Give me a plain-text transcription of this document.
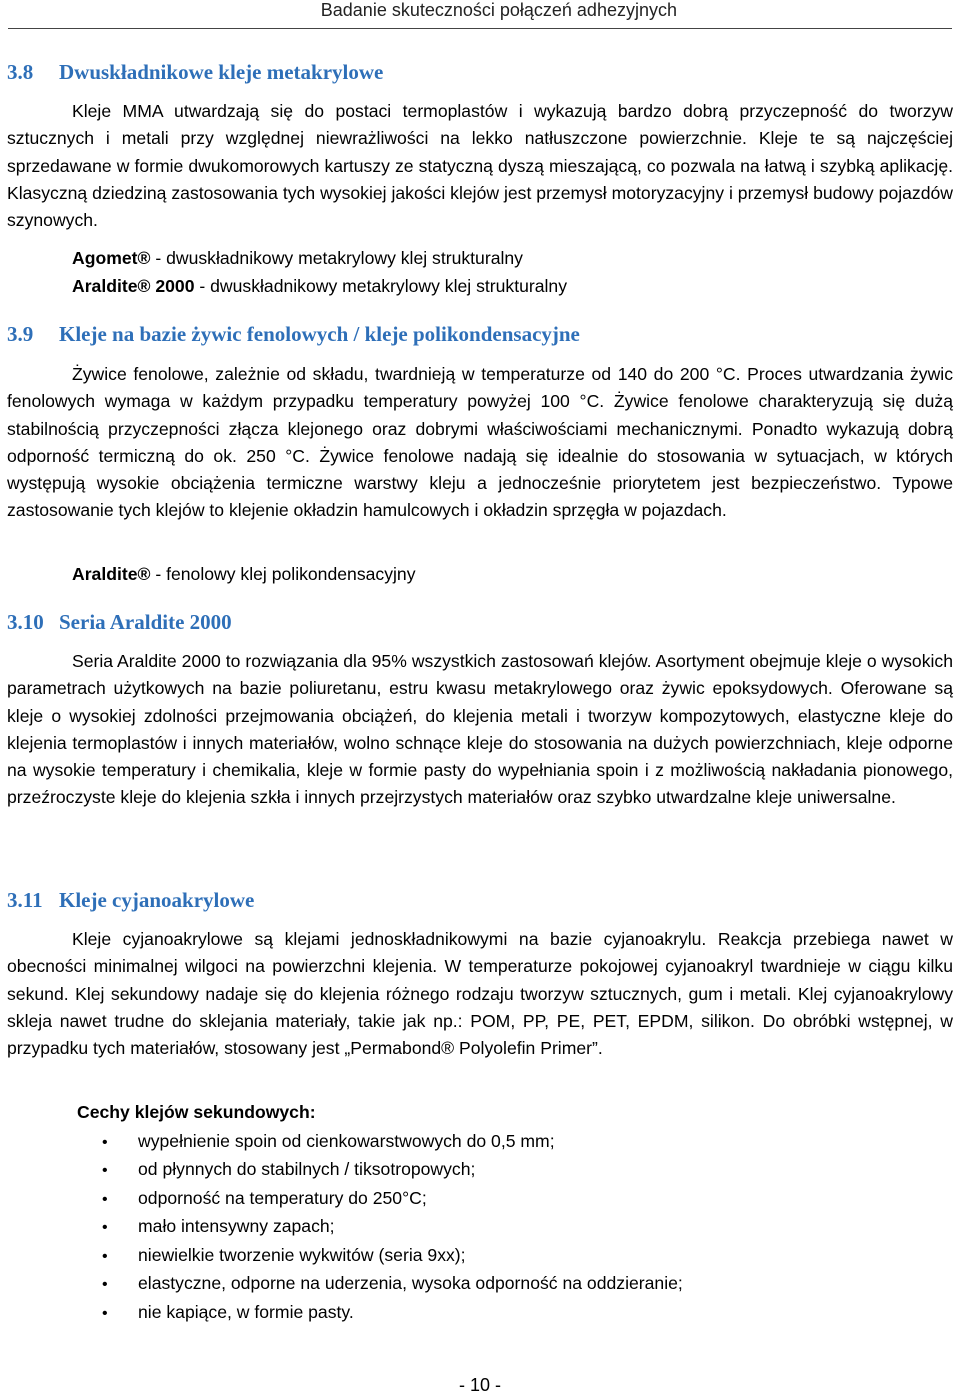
Badanie skuteczności połączeń adhezyjnych
3.8 Dwuskładnikowe kleje metakrylowe
Kleje MMA utwardzają się do postaci termoplastów i wykazują bardzo dobrą przyczepność do tworzyw sztucznych i metali przy względnej niewrażliwości na lekko natłuszczone powierzchnie. Kleje te są najczęściej sprzedawane w formie dwukomorowych kartuszy ze statyczną dyszą mieszającą, co pozwala na łatwą i szybką aplikację. Klasyczną dziedziną zastosowania tych wysokiej jakości klejów jest przemysł motoryzacyjny i przemysł budowy pojazdów szynowych.
Agomet® - dwuskładnikowy metakrylowy klej strukturalny
Araldite® 2000 - dwuskładnikowy metakrylowy klej strukturalny
3.9 Kleje na bazie żywic fenolowych / kleje polikondensacyjne
Żywice fenolowe, zależnie od składu, twardnieją w temperaturze od 140 do 200 °C. Proces utwardzania żywic fenolowych wymaga w każdym przypadku temperatury powyżej 100 °C. Żywice fenolowe charakteryzują się dużą stabilnością przyczepności złącza klejonego oraz dobrymi właściwościami mechanicznymi. Ponadto wykazują dobrą odporność termiczną do ok. 250 °C. Żywice fenolowe nadają się idealnie do stosowania w sytuacjach, w których występują wysokie obciążenia termiczne warstwy kleju a jednocześnie priorytetem jest bezpieczeństwo. Typowe zastosowanie tych klejów to klejenie okładzin hamulcowych i okładzin sprzęgła w pojazdach.
Araldite® - fenolowy klej polikondensacyjny
3.10 Seria Araldite 2000
Seria Araldite 2000 to rozwiązania dla 95% wszystkich zastosowań klejów. Asortyment obejmuje kleje o wysokich parametrach użytkowych na bazie poliuretanu, estru kwasu metakrylowego oraz żywic epoksydowych. Oferowane są kleje o wysokiej zdolności przejmowania obciążeń, do klejenia metali i tworzyw kompozytowych, elastyczne kleje do klejenia termoplastów i innych materiałów, wolno schnące kleje do stosowania na dużych powierzchniach, kleje odporne na wysokie temperatury i chemikalia, kleje w formie pasty do wypełniania spoin i z możliwością nakładania pionowego, przeźroczyste kleje do klejenia szkła i innych przejrzystych materiałów oraz szybko utwardzalne kleje uniwersalne.
3.11 Kleje cyjanoakrylowe
Kleje cyjanoakrylowe są klejami jednoskładnikowymi na bazie cyjanoakrylu. Reakcja przebiega nawet w obecności minimalnej wilgoci na powierzchni klejenia. W temperaturze pokojowej cyjanoakryl twardnieje w ciągu kilku sekund. Klej sekundowy nadaje się do klejenia różnego rodzaju tworzyw sztucznych, gum i metali. Klej cyjanoakrylowy skleja nawet trudne do sklejania materiały, takie jak np.: POM, PP, PE, PET, EPDM, silikon. Do obróbki wstępnej, w przypadku tych materiałów, stosowany jest „Permabond® Polyolefin Primer”.
Cechy klejów sekundowych:
• wypełnienie spoin od cienkowarstwowych do 0,5 mm;
• od płynnych do stabilnych / tiksotropowych;
• odporność na temperatury do 250°C;
• mało intensywny zapach;
• niewielkie tworzenie wykwitów (seria 9xx);
• elastyczne, odporne na uderzenia, wysoka odporność na oddzieranie;
• nie kapiące, w formie pasty.
- 10 -
